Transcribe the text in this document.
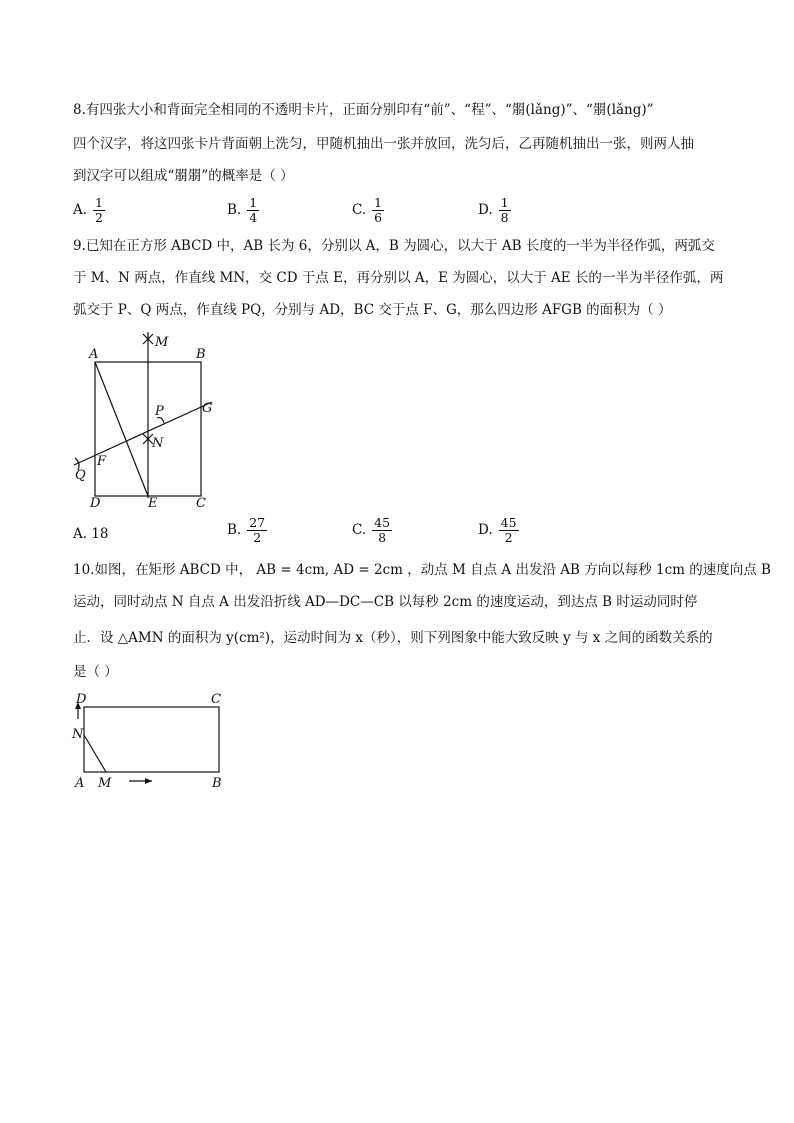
8.有四张大小和背面完全相同的不透明卡片，正面分别印有“前”、“程”、“朤(lǎng)”、“朤(lǎng)”
四个汉字，将这四张卡片背面朝上洗匀，甲随机抽出一张并放回，洗匀后，乙再随机抽出一张，则两人抽
到汉字可以组成“朤朤”的概率是（ ）
A. $\frac{1}{2}$	B. $\frac{1}{4}$	C. $\frac{1}{6}$	D. $\frac{1}{8}$
9.已知在正方形 ABCD 中，AB 长为 6，分别以 A，B 为圆心，以大于 AB 长度的一半为半径作弧，两弧交
于 M、N 两点，作直线 MN，交 CD 于点 E，再分别以 A，E 为圆心，以大于 AE 长的一半为半径作弧，两
弧交于 P、Q 两点，作直线 PQ，分别与 AD，BC 交于点 F、G，那么四边形 AFGB 的面积为（ ）
M
A	B
P	G
N
F
Q
D	E	C
A. 18	B. $\frac{27}{2}$	C. $\frac{45}{8}$	D. $\frac{45}{2}$
10.如图，在矩形 ABCD 中， AB = 4cm, AD = 2cm ，动点 M 自点 A 出发沿 AB 方向以每秒 1cm 的速度向点 B
运动，同时动点 N 自点 A 出发沿折线 AD—DC—CB 以每秒 2cm 的速度运动，到达点 B 时运动同时停
止．设 △AMN 的面积为 y(cm²)，运动时间为 x（秒），则下列图象中能大致反映 y 与 x 之间的函数关系的
是（ ）
D	C
N
A M	B
